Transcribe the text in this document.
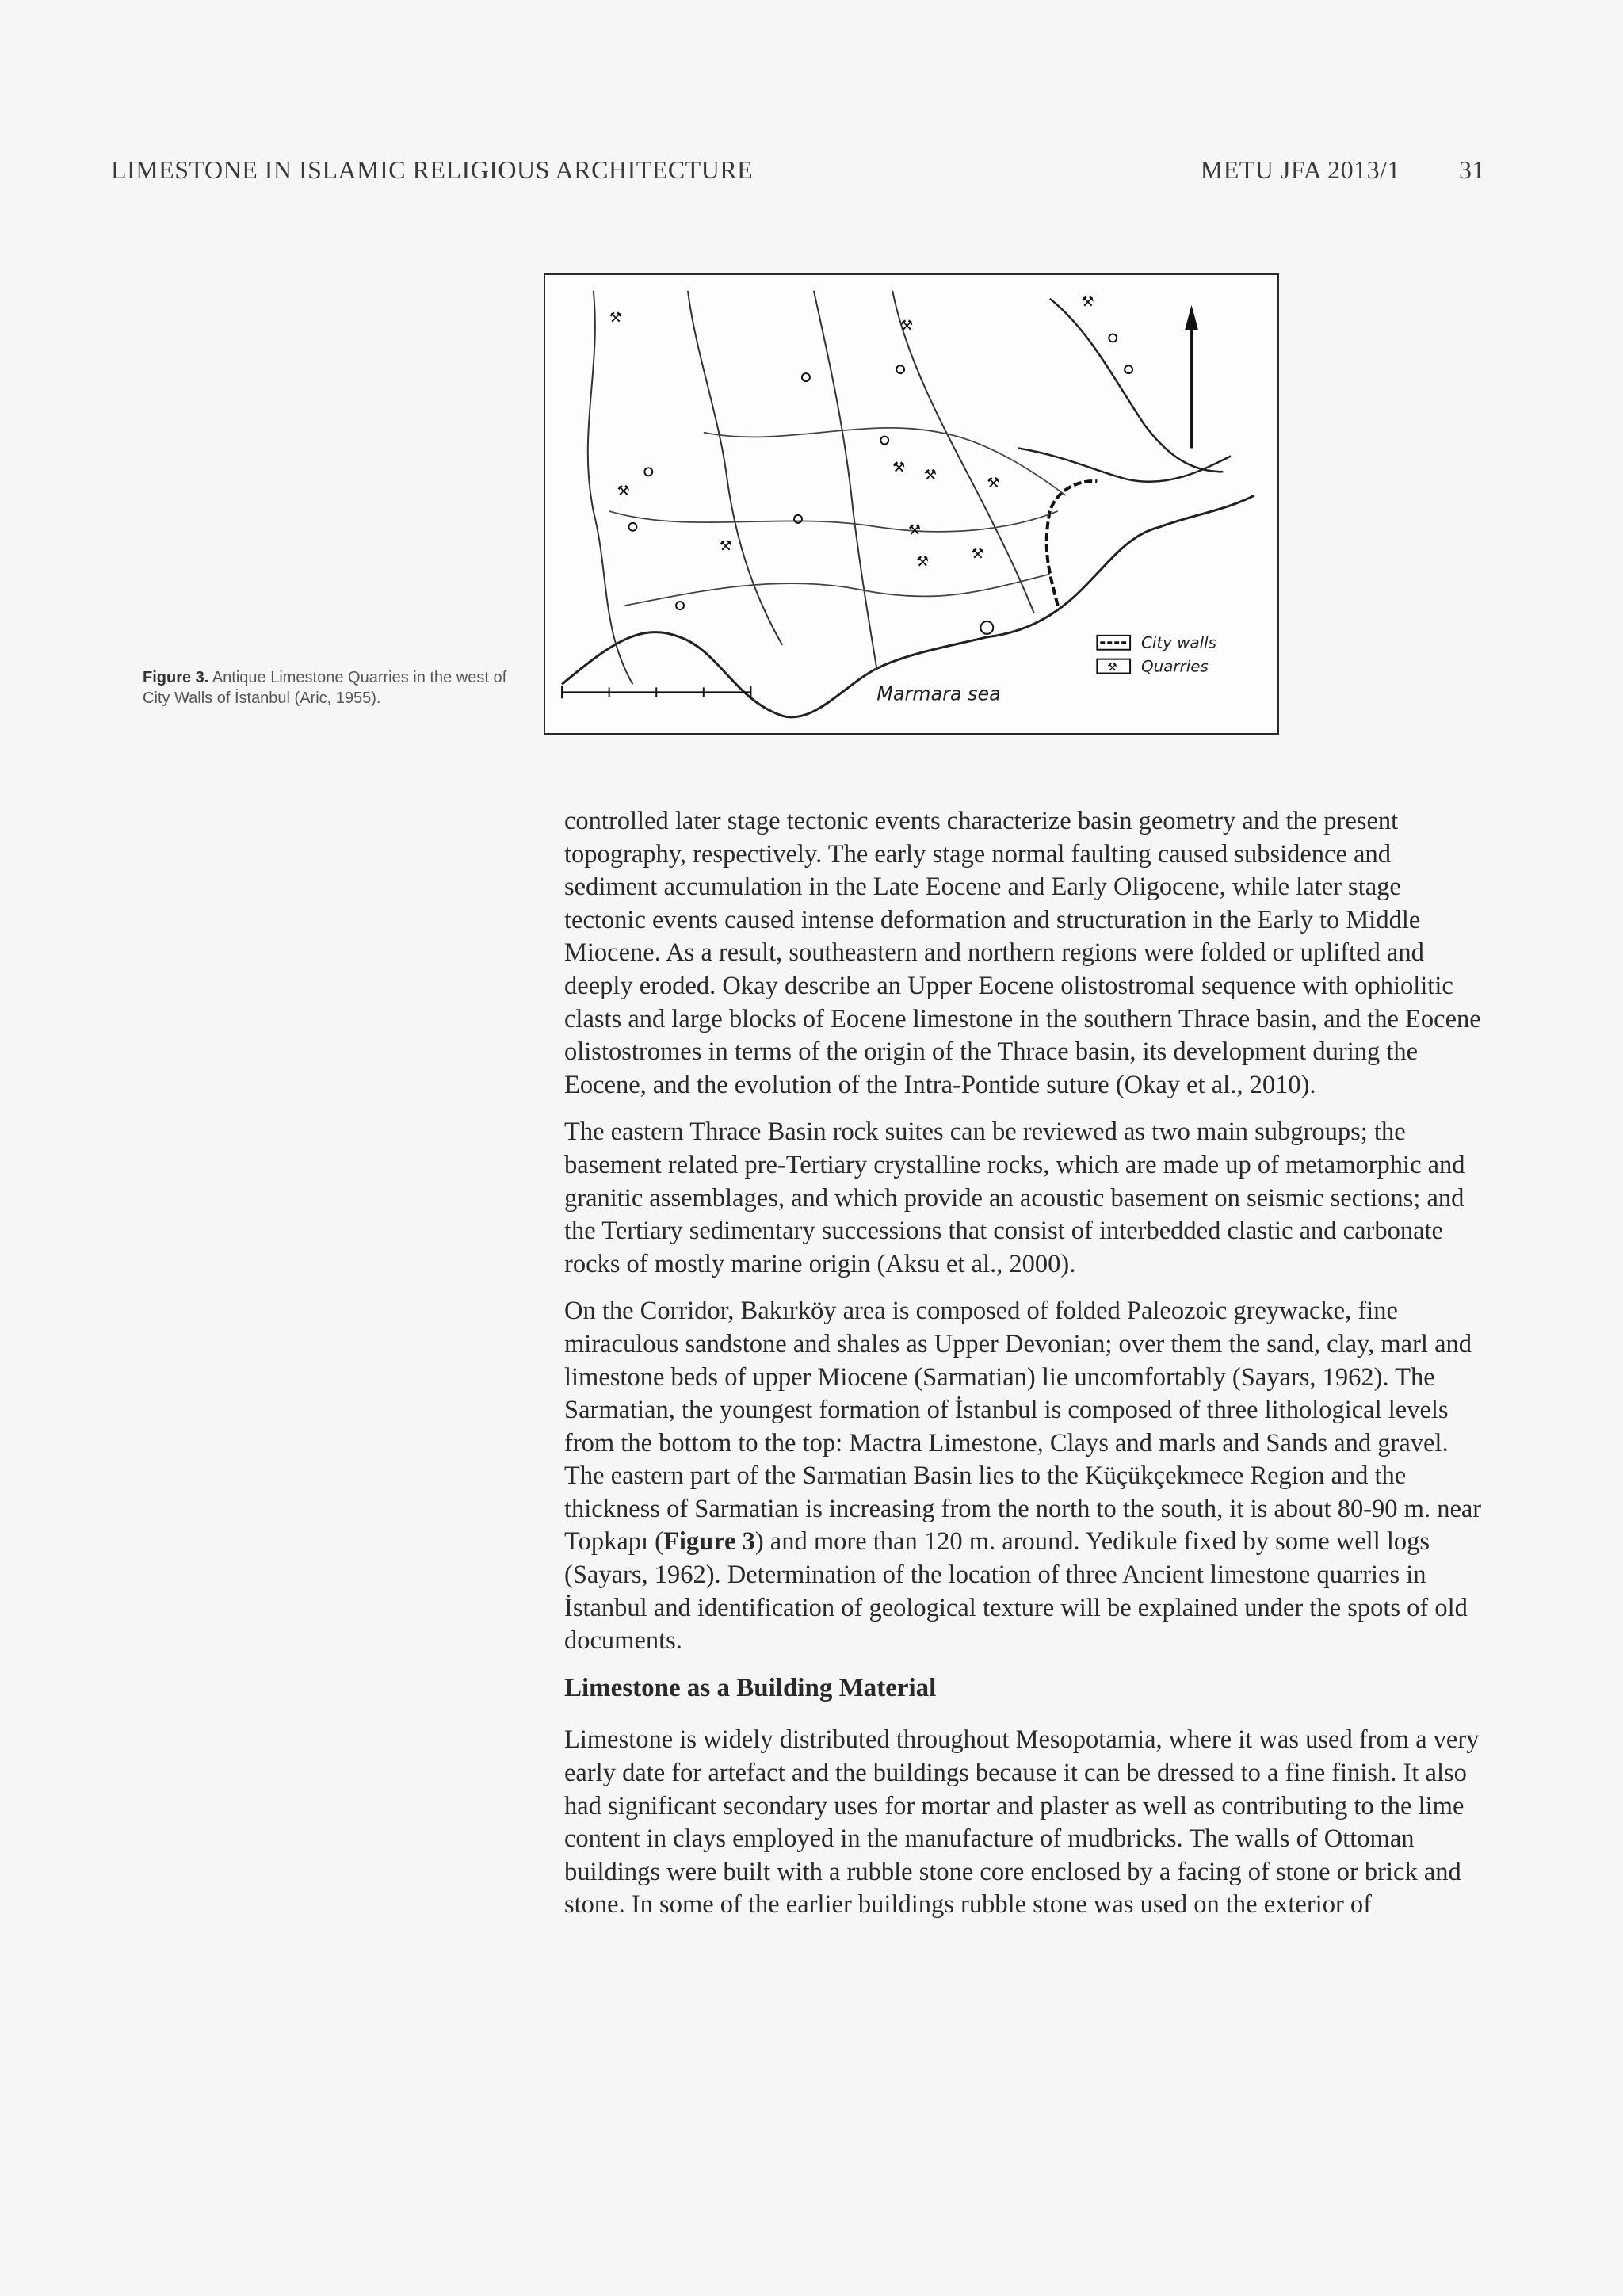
LIMESTONE IN ISLAMIC RELIGIOUS ARCHITECTURE	METU JFA 2013/1 31
Figure 3. Antique Limestone Quarries in the west of City Walls of İstanbul (Aric, 1955).
⚒	⚒
⚒
⚒
⚒ ⚒
⚒
⚒	⚒
⚒
⚒
Marmara sea
⚒
City walls
Quarries

controlled later stage tectonic events characterize basin geometry and the present topography, respectively. The early stage normal faulting caused subsidence and sediment accumulation in the Late Eocene and Early Oligocene, while later stage tectonic events caused intense deformation and structuration in the Early to Middle Miocene. As a result, southeastern and northern regions were folded or uplifted and deeply eroded. Okay describe an Upper Eocene olistostromal sequence with ophiolitic clasts and large blocks of Eocene limestone in the southern Thrace basin, and the Eocene olistostromes in terms of the origin of the Thrace basin, its development during the Eocene, and the evolution of the Intra-Pontide suture (Okay et al., 2010).

The eastern Thrace Basin rock suites can be reviewed as two main subgroups; the basement related pre-Tertiary crystalline rocks, which are made up of metamorphic and granitic assemblages, and which provide an acoustic basement on seismic sections; and the Tertiary sedimentary successions that consist of interbedded clastic and carbonate rocks of mostly marine origin (Aksu et al., 2000).

On the Corridor, Bakırköy area is composed of folded Paleozoic greywacke, fine miraculous sandstone and shales as Upper Devonian; over them the sand, clay, marl and limestone beds of upper Miocene (Sarmatian) lie uncomfortably (Sayars, 1962). The Sarmatian, the youngest formation of İstanbul is composed of three lithological levels from the bottom to the top: Mactra Limestone, Clays and marls and Sands and gravel. The eastern part of the Sarmatian Basin lies to the Küçükçekmece Region and the thickness of Sarmatian is increasing from the north to the south, it is about 80-90 m. near Topkapı (Figure 3) and more than 120 m. around. Yedikule fixed by some well logs (Sayars, 1962). Determination of the location of three Ancient limestone quarries in İstanbul and identification of geological texture will be explained under the spots of old documents.

Limestone as a Building Material

Limestone is widely distributed throughout Mesopotamia, where it was used from a very early date for artefact and the buildings because it can be dressed to a fine finish. It also had significant secondary uses for mortar and plaster as well as contributing to the lime content in clays employed in the manufacture of mudbricks. The walls of Ottoman buildings were built with a rubble stone core enclosed by a facing of stone or brick and stone. In some of the earlier buildings rubble stone was used on the exterior of
